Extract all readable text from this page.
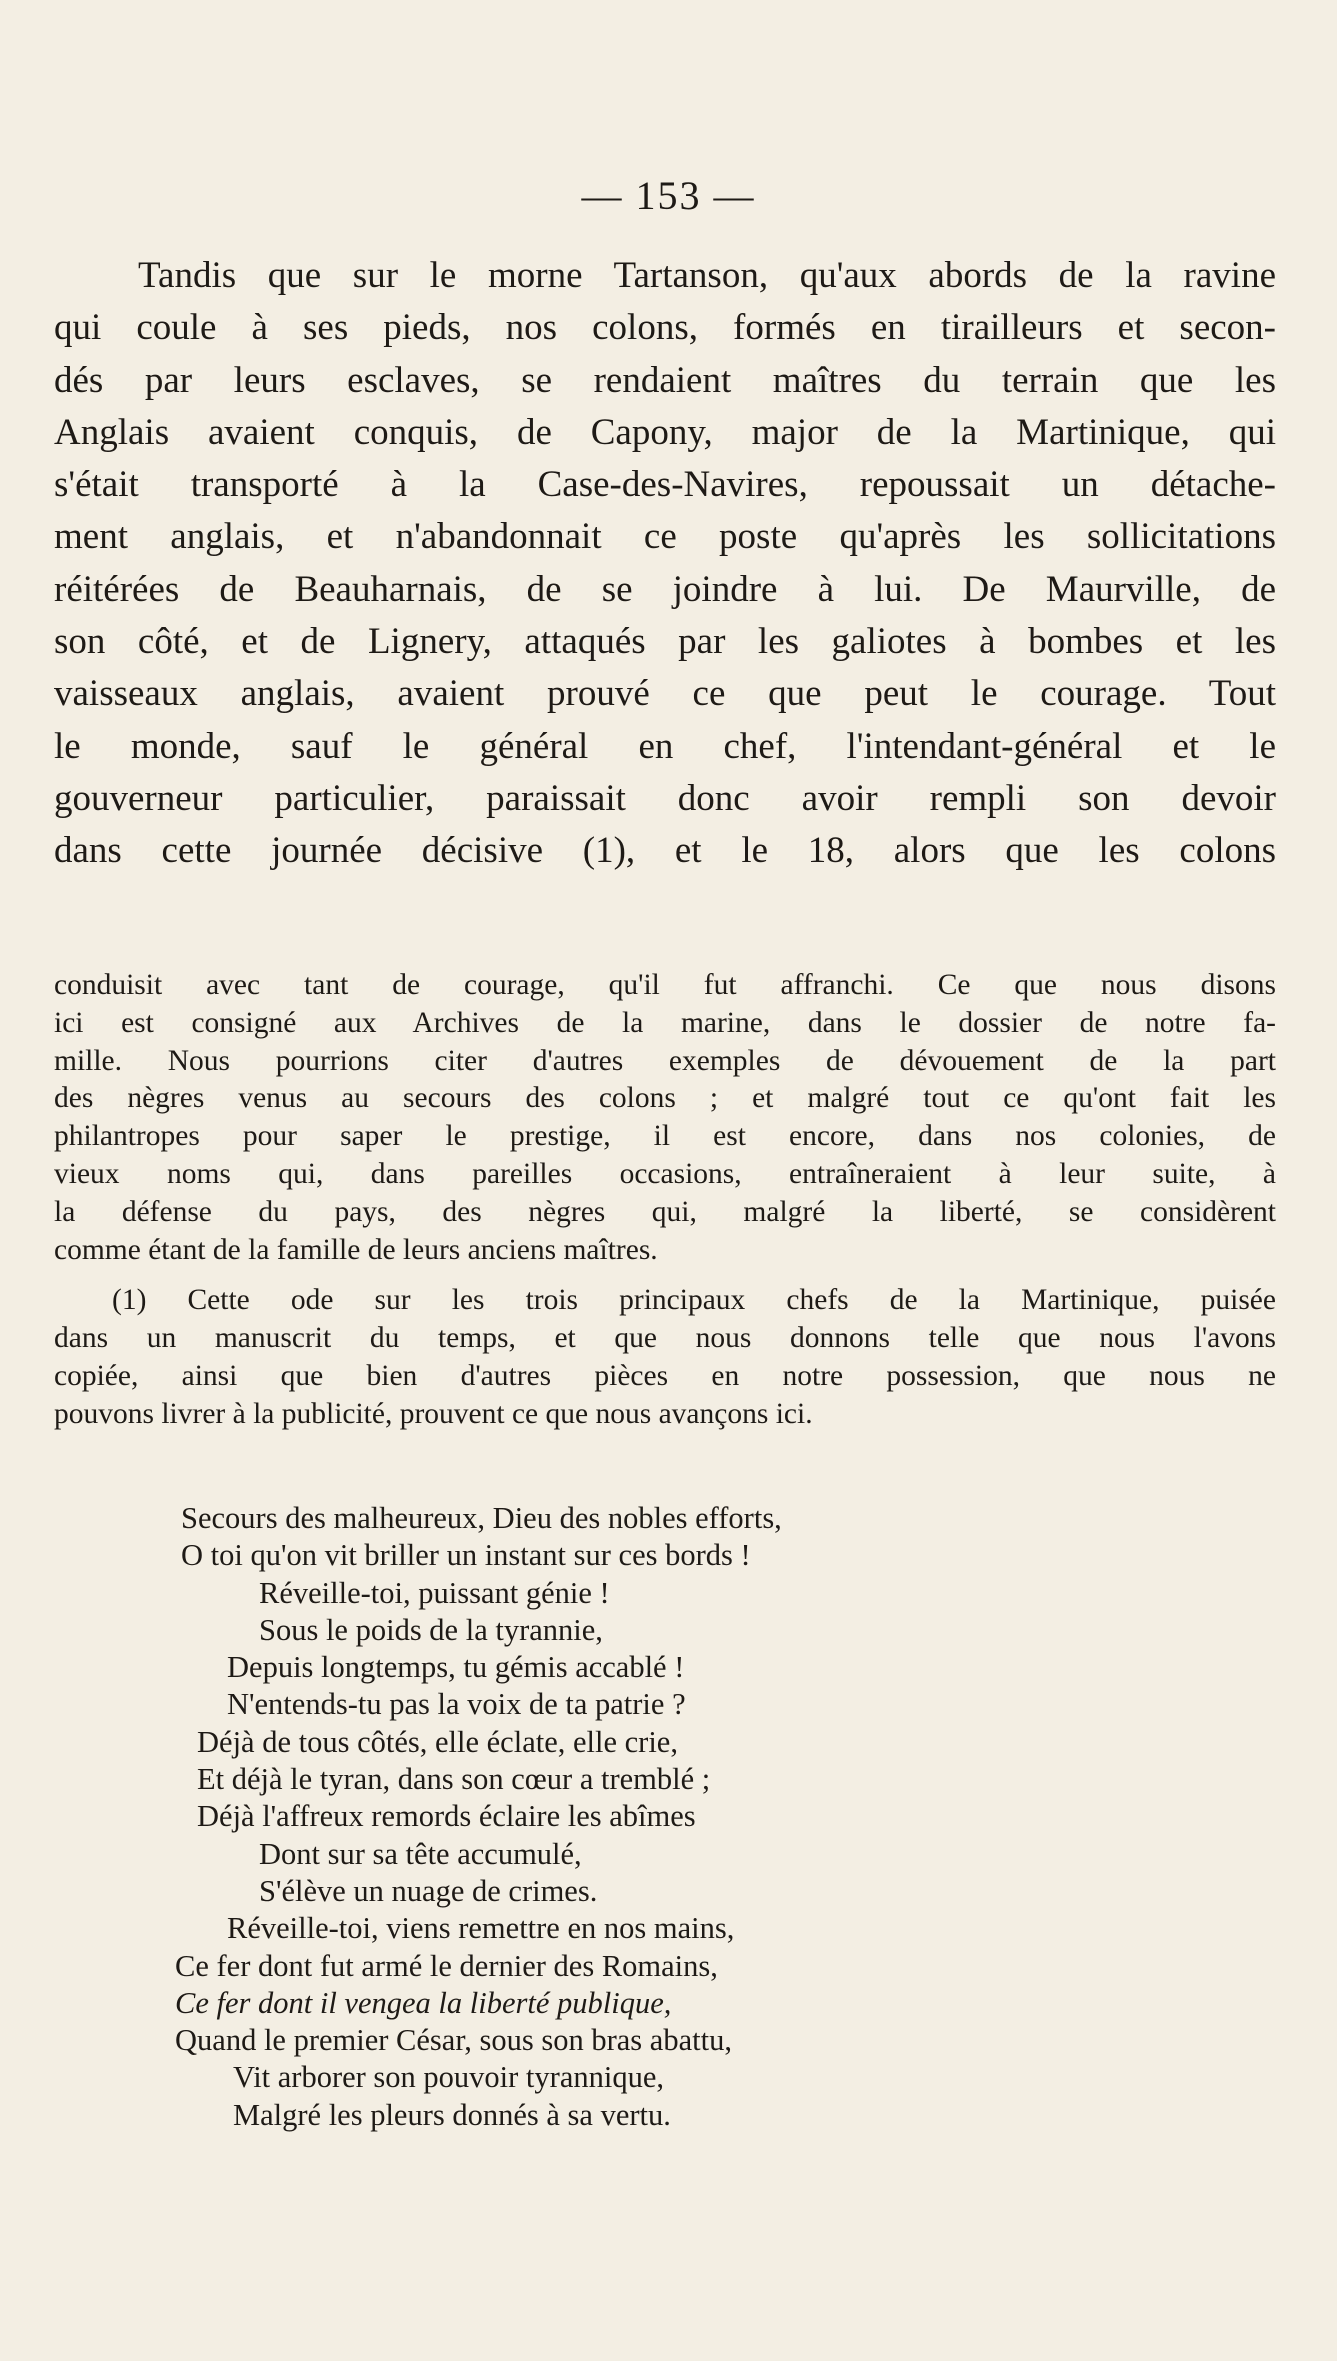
— 153 —
Tandis que sur le morne Tartanson, qu'aux abords de la ravine
qui coule à ses pieds, nos colons, formés en tirailleurs et secon-
dés par leurs esclaves, se rendaient maîtres du terrain que les
Anglais avaient conquis, de Capony, major de la Martinique, qui
s'était transporté à la Case-des-Navires, repoussait un détache-
ment anglais, et n'abandonnait ce poste qu'après les sollicitations
réitérées de Beauharnais, de se joindre à lui. De Maurville, de
son côté, et de Lignery, attaqués par les galiotes à bombes et les
vaisseaux anglais, avaient prouvé ce que peut le courage. Tout
le monde, sauf le général en chef, l'intendant-général et le
gouverneur particulier, paraissait donc avoir rempli son devoir
dans cette journée décisive (1), et le 18, alors que les colons
conduisit avec tant de courage, qu'il fut affranchi. Ce que nous disons
ici est consigné aux Archives de la marine, dans le dossier de notre fa-
mille. Nous pourrions citer d'autres exemples de dévouement de la part
des nègres venus au secours des colons ; et malgré tout ce qu'ont fait les
philantropes pour saper le prestige, il est encore, dans nos colonies, de
vieux noms qui, dans pareilles occasions, entraîneraient à leur suite, à
la défense du pays, des nègres qui, malgré la liberté, se considèrent
comme étant de la famille de leurs anciens maîtres.
(1) Cette ode sur les trois principaux chefs de la Martinique, puisée
dans un manuscrit du temps, et que nous donnons telle que nous l'avons
copiée, ainsi que bien d'autres pièces en notre possession, que nous ne
pouvons livrer à la publicité, prouvent ce que nous avançons ici.
Secours des malheureux, Dieu des nobles efforts,
O toi qu'on vit briller un instant sur ces bords !
Réveille-toi, puissant génie !
Sous le poids de la tyrannie,
Depuis longtemps, tu gémis accablé !
N'entends-tu pas la voix de ta patrie ?
Déjà de tous côtés, elle éclate, elle crie,
Et déjà le tyran, dans son cœur a tremblé ;
Déjà l'affreux remords éclaire les abîmes
Dont sur sa tête accumulé,
S'élève un nuage de crimes.
Réveille-toi, viens remettre en nos mains,
Ce fer dont fut armé le dernier des Romains,
Ce fer dont il vengea la liberté publique,
Quand le premier César, sous son bras abattu,
Vit arborer son pouvoir tyrannique,
Malgré les pleurs donnés à sa vertu.
